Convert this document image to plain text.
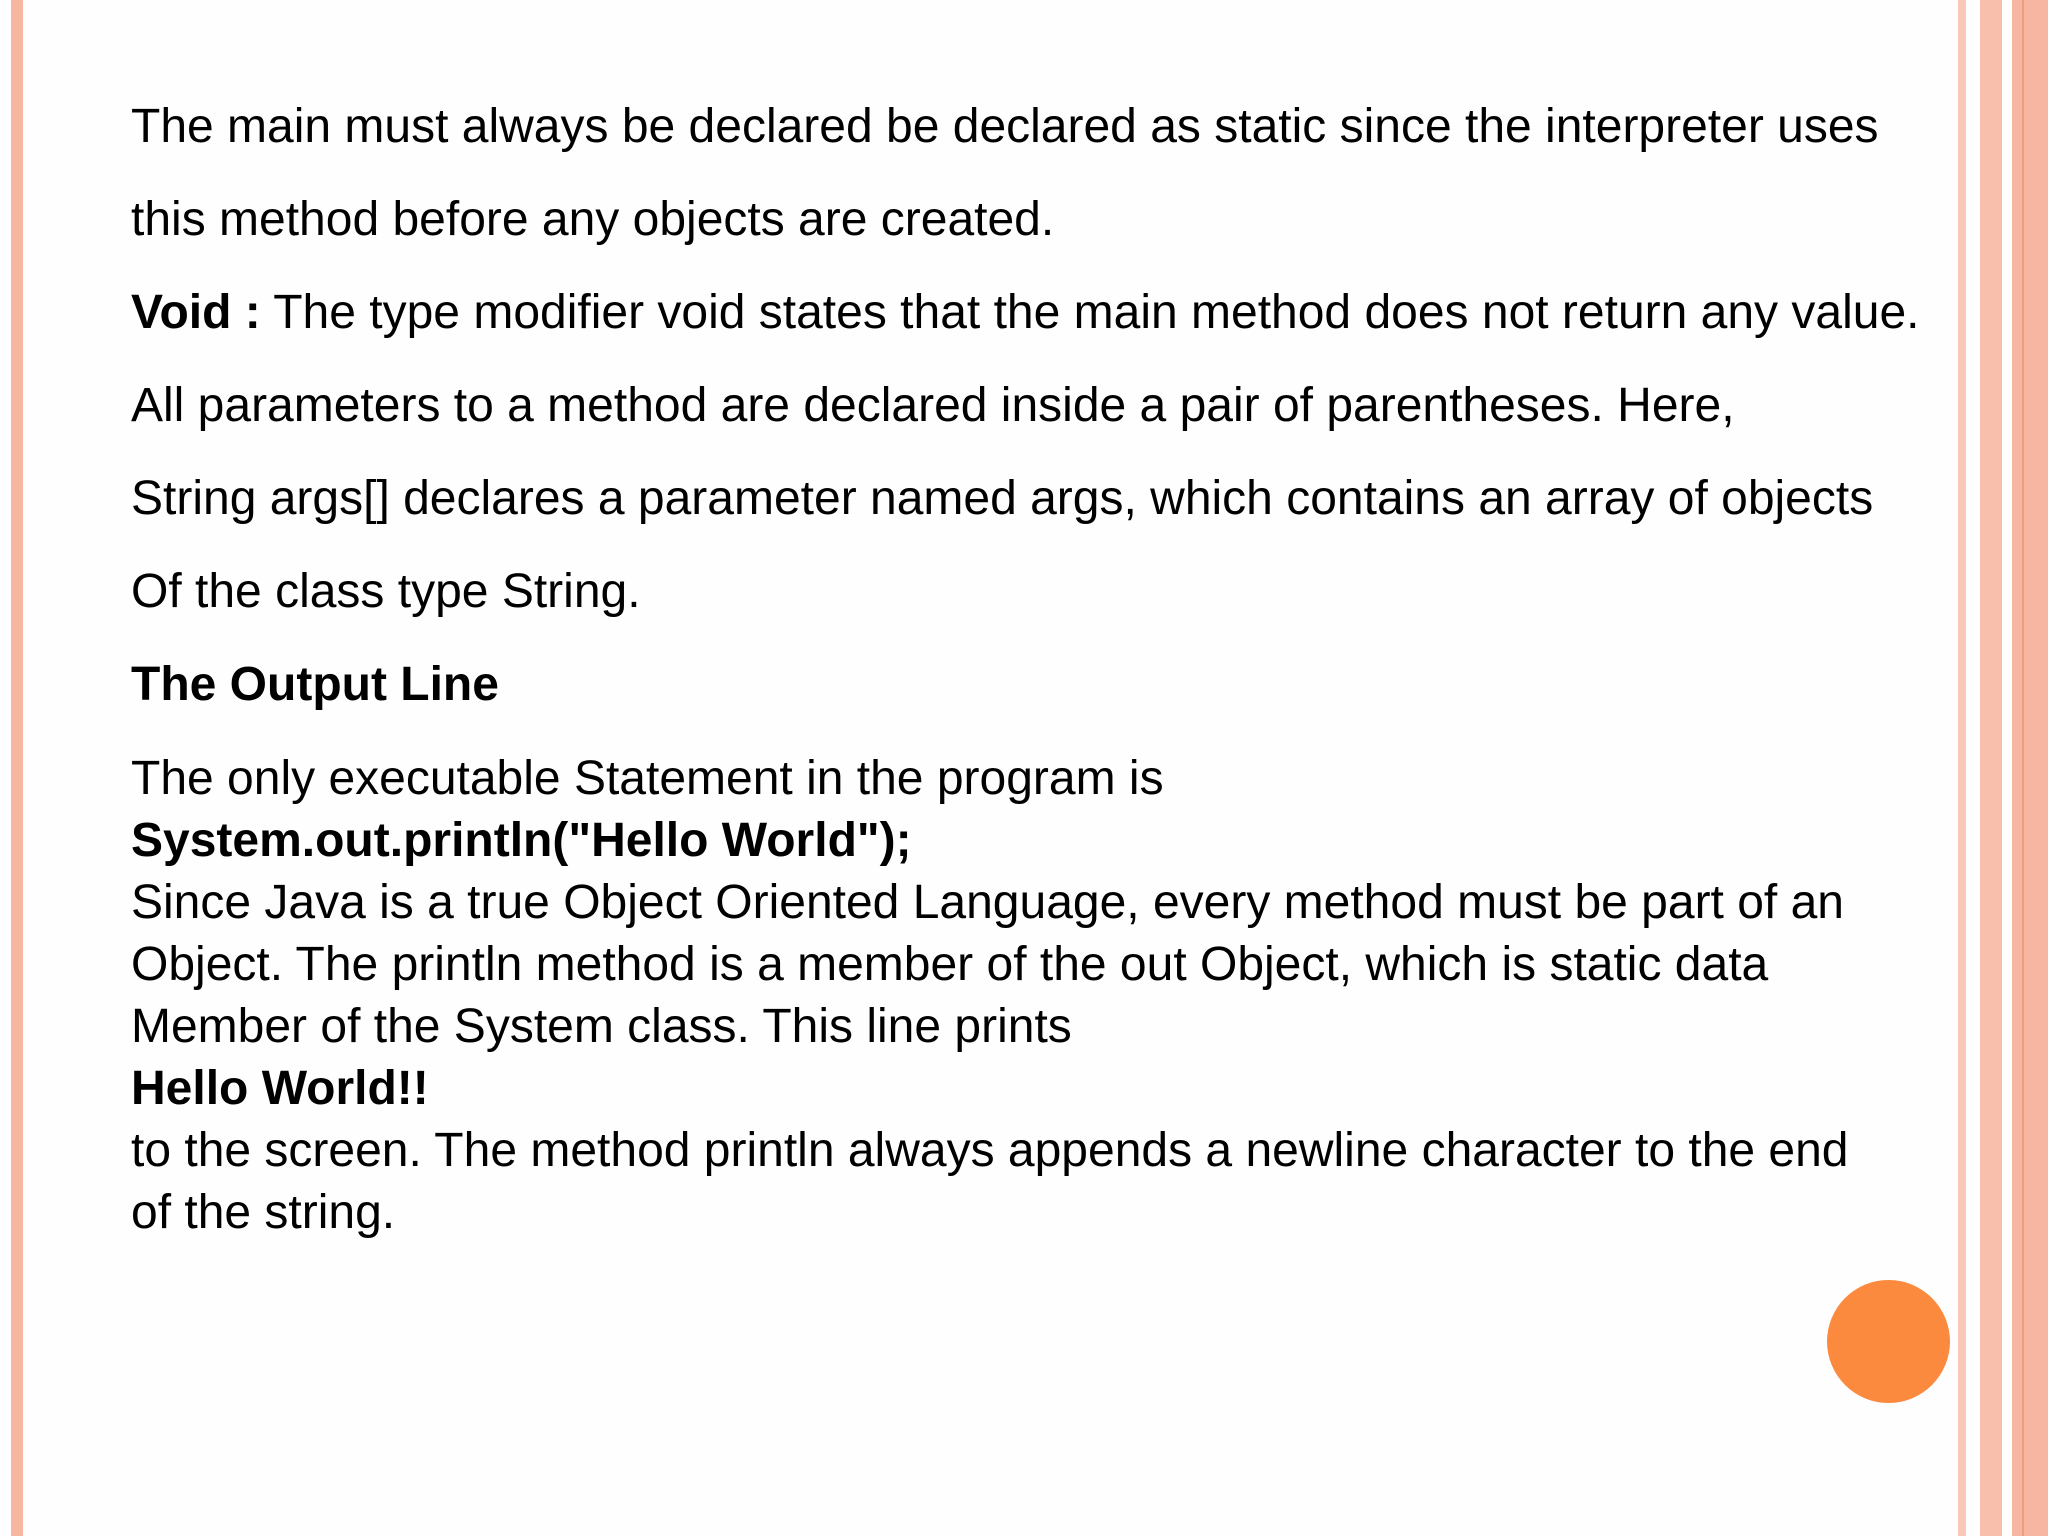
The main must always be declared be declared as static since the interpreter uses
this method before any objects are created.
Void : The type modifier void states that the main method does not return any value.
All parameters to a method are declared inside a pair of parentheses. Here,
String args[] declares a parameter named args, which contains an array of objects
Of the class type String.
The Output Line
The only executable Statement in the program is
System.out.println("Hello World");
Since Java is a true Object Oriented Language, every method must be part of an
Object. The println method is a member of the out Object, which is static data
Member of the System class. This line prints
Hello World!!
to the screen. The method println always appends a newline character to the end
of the string.
